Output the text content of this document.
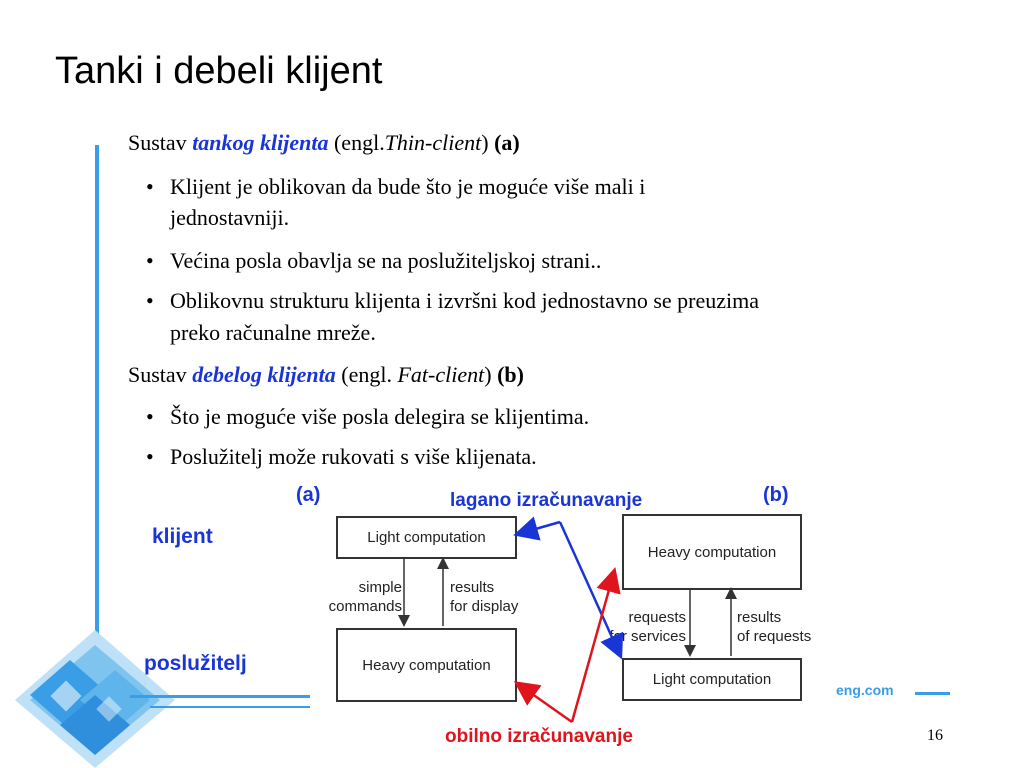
Tanki i debeli klijent
Sustav tankog klijenta (engl.Thin-client) (a)
• Klijent je oblikovan da bude što je moguće više mali i
jednostavniji.
• Većina posla obavlja se na poslužiteljskoj strani..
• Oblikovnu strukturu klijenta i izvršni kod jednostavno se preuzima
preko računalne mreže.
Sustav debelog klijenta (engl. Fat-client) (b)
• Što je moguće više posla delegira se klijentima.
• Poslužitelj može rukovati s više klijenata.
(a)	(b)
lagano izračunavanje
klijent
poslužitelj
obilno izračunavanje
Light computation
Heavy computation
Heavy computation
Light computation
simple
commands
results
for display
requests
for services
results
of requests
eng.com
16
